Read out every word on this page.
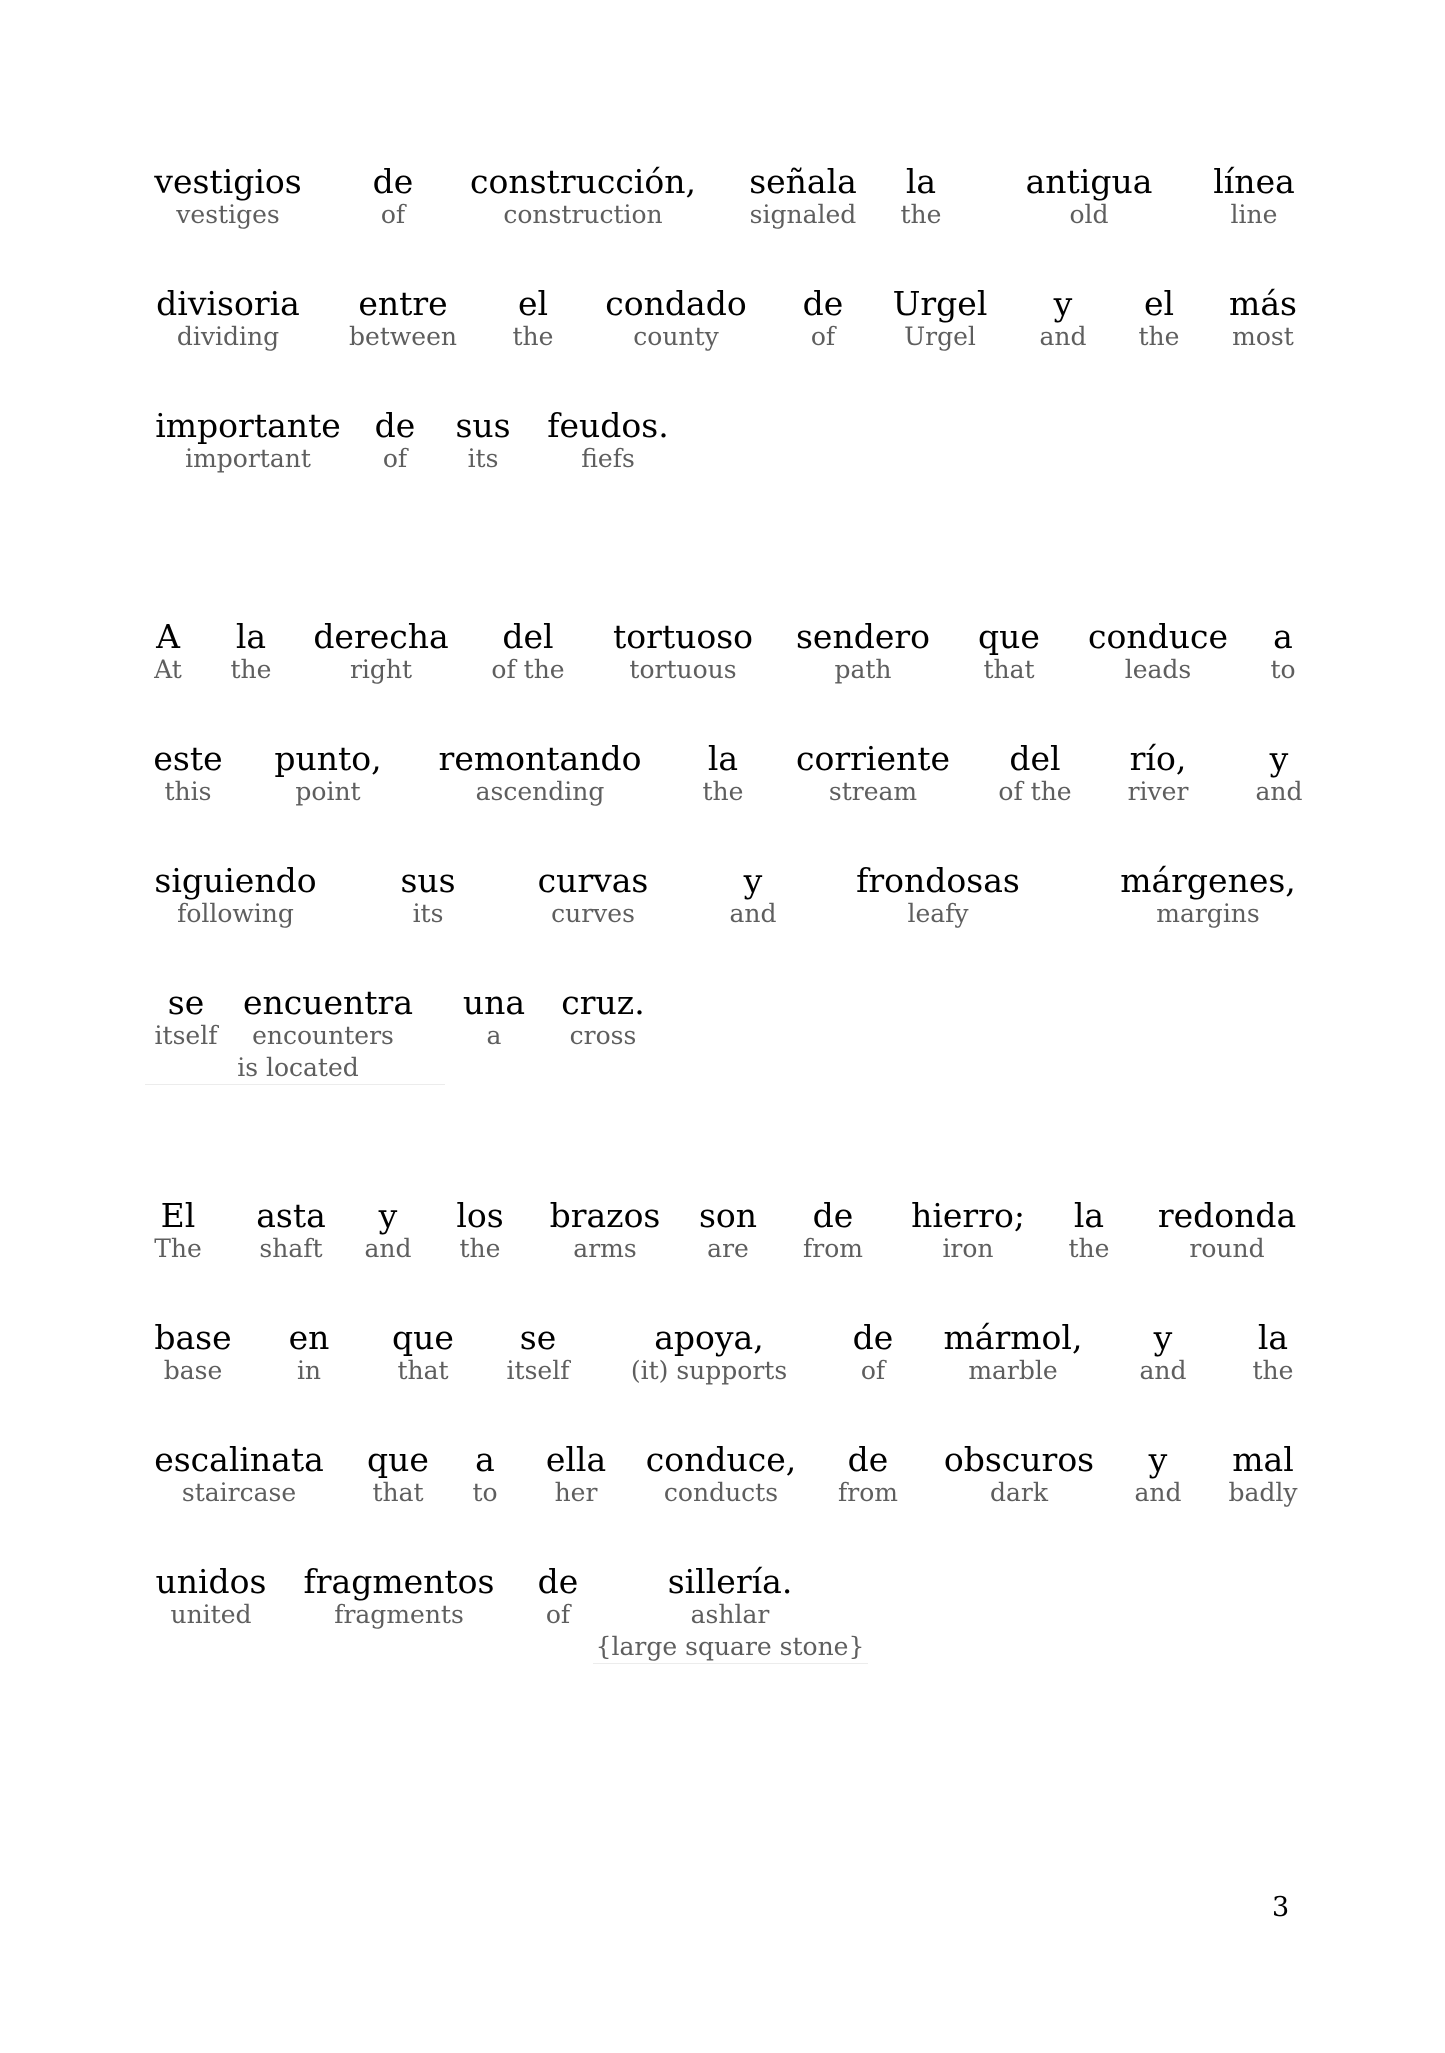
vestigios
vestiges
de
of
construcción,
construction
señala
signaled
la
the
antigua
old
línea
line
divisoria
dividing
entre
between
el
the
condado
county
de
of
Urgel
Urgel
y
and
el
the
más
most
importante
important
de
of
sus
its
feudos.
fiefs
A
At
la
the
derecha
right
del
of the
tortuoso
tortuous
sendero
path
que
that
conduce
leads
a
to
este
this
punto,
point
remontando
ascending
la
the
corriente
stream
del
of the
río,
river
y
and
siguiendo
following
sus
its
curvas
curves
y
and
frondosas
leafy
márgenes,
margins
se
itself
encuentra
encounters
una
a
cruz.
cross
is located
El
The
asta
shaft
y
and
los
the
brazos
arms
son
are
de
from
hierro;
iron
la
the
redonda
round
base
base
en
in
que
that
se
itself
apoya,
(it) supports
de
of
mármol,
marble
y
and
la
the
escalinata
staircase
que
that
a
to
ella
her
conduce,
conducts
de
from
obscuros
dark
y
and
mal
badly
unidos
united
fragmentos
fragments
de
of
sillería.
ashlar
{large square stone}
3
